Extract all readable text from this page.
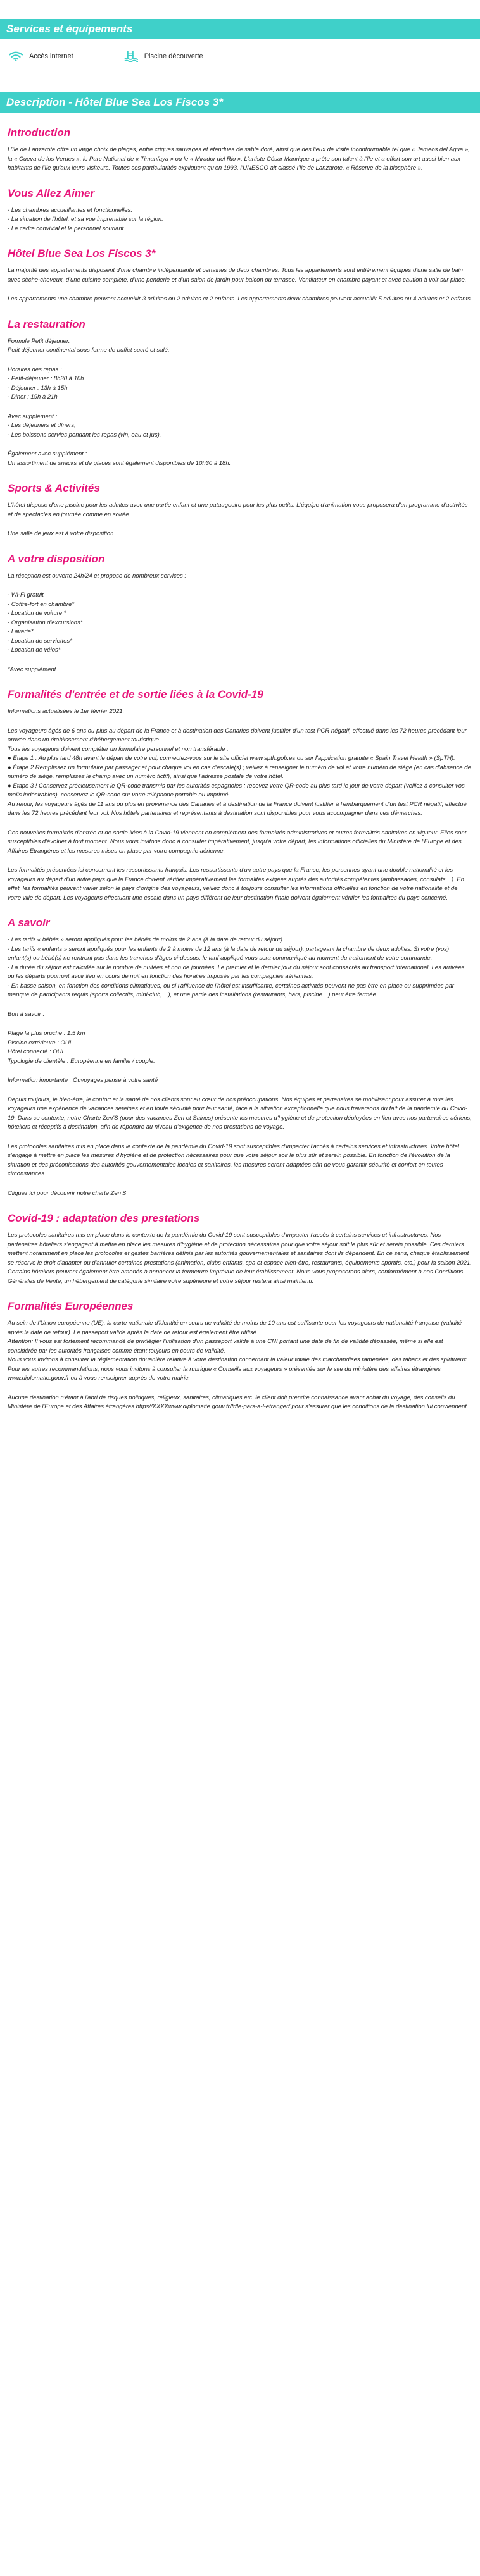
Services et équipements
Accès internet	Piscine découverte
Description - Hôtel Blue Sea Los Fiscos 3*
Introduction

L'île de Lanzarote offre un large choix de plages, entre criques sauvages et étendues de sable doré, ainsi que des lieux de visite incontournable tel que « Jameos del Agua », la « Cueva de los Verdes », le Parc National de « Timanfaya » ou le « Mirador del Rio ». L'artiste César Manrique a prête son talent à l'île et a offert son art aussi bien aux habitants de l'île qu'aux leurs visiteurs. Toutes ces particularités expliquent qu'en 1993, l'UNESCO ait classé l'île de Lanzarote, « Réserve de la biosphère ».

Vous Allez Aimer

- Les chambres accueillantes et fonctionnelles.
- La situation de l'hôtel, et sa vue imprenable sur la région.
- Le cadre convivial et le personnel souriant.

Hôtel Blue Sea Los Fiscos 3*

La majorité des appartements disposent d'une chambre indépendante et certaines de deux chambres. Tous les appartements sont entièrement équipés d'une salle de bain avec sèche-cheveux, d'une cuisine complète, d'une penderie et d'un salon de jardin pour balcon ou terrasse. Ventilateur en chambre payant et avec caution à voir sur place.

Les appartements une chambre peuvent accueillir 3 adultes ou 2 adultes et 2 enfants. Les appartements deux chambres peuvent accueillir 5 adultes ou 4 adultes et 2 enfants.

La restauration

Formule Petit déjeuner.
Petit déjeuner continental sous forme de buffet sucré et salé.

Horaires des repas :
- Petit-déjeuner : 8h30 à 10h
- Déjeuner : 13h à 15h
- Diner : 19h à 21h

Avec supplément :
- Les déjeuners et dîners,
- Les boissons servies pendant les repas (vin, eau et jus).

Également avec supplément :
Un assortiment de snacks et de glaces sont également disponibles de 10h30 à 18h.

Sports & Activités

L'hôtel dispose d'une piscine pour les adultes avec une partie enfant et une pataugeoire pour les plus petits. L'équipe d'animation vous proposera d'un programme d'activités et de spectacles en journée comme en soirée.

Une salle de jeux est à votre disposition.

A votre disposition

La réception est ouverte 24h/24 et propose de nombreux services :

- Wi-Fi gratuit
- Coffre-fort en chambre*
- Location de voiture *
- Organisation d'excursions*
- Laverie*
- Location de serviettes*
- Location de vélos*

*Avec supplément

Formalités d'entrée et de sortie liées à la Covid-19

Informations actualisées le 1er février 2021.

Les voyageurs âgés de 6 ans ou plus au départ de la France et à destination des Canaries doivent justifier d'un test PCR négatif, effectué dans les 72 heures précédant leur arrivée dans un établissement d'hébergement touristique.
Tous les voyageurs doivent compléter un formulaire personnel et non transférable :
● Étape 1 : Au plus tard 48h avant le départ de votre vol, connectez-vous sur le site officiel www.spth.gob.es ou sur l'application gratuite « Spain Travel Health » (SpTH).
● Étape 2 Remplissez un formulaire par passager et pour chaque vol en cas d'escale(s) ; veillez à renseigner le numéro de vol et votre numéro de siège (en cas d'absence de numéro de siège, remplissez le champ avec un numéro fictif), ainsi que l'adresse postale de votre hôtel.
● Étape 3 ! Conservez précieusement le QR-code transmis par les autorités espagnoles ; recevez votre QR-code au plus tard le jour de votre départ (veillez à consulter vos mails indésirables), conservez le QR-code sur votre téléphone portable ou imprimé.
Au retour, les voyageurs âgés de 11 ans ou plus en provenance des Canaries et à destination de la France doivent justifier à l'embarquement d'un test PCR négatif, effectué dans les 72 heures précédant leur vol. Nos hôtels partenaires et représentants à destination sont disponibles pour vous accompagner dans ces démarches.

Ces nouvelles formalités d'entrée et de sortie liées à la Covid-19 viennent en complément des formalités administratives et autres formalités sanitaires en vigueur. Elles sont susceptibles d'évoluer à tout moment. Nous vous invitons donc à consulter impérativement, jusqu'à votre départ, les informations officielles du Ministère de l'Europe et des Affaires Étrangères et les mesures mises en place par votre compagnie aérienne.

Les formalités présentées ici concernent les ressortissants français. Les ressortissants d'un autre pays que la France, les personnes ayant une double nationalité et les voyageurs au départ d'un autre pays que la France doivent vérifier impérativement les formalités exigées auprès des autorités compétentes (ambassades, consulats…). En effet, les formalités peuvent varier selon le pays d'origine des voyageurs, veillez donc à toujours consulter les informations officielles en fonction de votre nationalité et de votre ville de départ. Les voyageurs effectuant une escale dans un pays différent de leur destination finale doivent également vérifier les formalités du pays concerné.

A savoir

- Les tarifs « bébés » seront appliqués pour les bébés de moins de 2 ans (à la date de retour du séjour).
- Les tarifs « enfants » seront appliqués pour les enfants de 2 à moins de 12 ans (à la date de retour du séjour), partageant la chambre de deux adultes. Si votre (vos) enfant(s) ou bébé(s) ne rentrent pas dans les tranches d'âges ci-dessus, le tarif appliqué vous sera communiqué au moment du traitement de votre commande.
- La durée du séjour est calculée sur le nombre de nuitées et non de journées. Le premier et le dernier jour du séjour sont consacrés au transport international. Les arrivées ou les départs pourront avoir lieu en cours de nuit en fonction des horaires imposés par les compagnies aériennes.
- En basse saison, en fonction des conditions climatiques, ou si l'affluence de l'hôtel est insuffisante, certaines activités peuvent ne pas être en place ou supprimées par manque de participants requis (sports collectifs, mini-club,…), et une partie des installations (restaurants, bars, piscine…) peut être fermée.

Bon à savoir :

Plage la plus proche : 1.5 km
Piscine extérieure : OUI
Hôtel connecté : OUI
Typologie de clientèle : Européenne en famille / couple.

Information importante : Ouvoyages pense à votre santé

Depuis toujours, le bien-être, le confort et la santé de nos clients sont au cœur de nos préoccupations. Nos équipes et partenaires se mobilisent pour assurer à tous les voyageurs une expérience de vacances sereines et en toute sécurité pour leur santé, face à la situation exceptionnelle que nous traversons du fait de la pandémie du Covid-19. Dans ce contexte, notre Charte Zen'S (pour des vacances Zen et Saines) présente les mesures d'hygiène et de protection déployées en lien avec nos partenaires aériens, hôteliers et réceptifs à destination, afin de répondre au niveau d'exigence de nos prestations de voyage.

Les protocoles sanitaires mis en place dans le contexte de la pandémie du Covid-19 sont susceptibles d'impacter l'accès à certains services et infrastructures. Votre hôtel s'engage à mettre en place les mesures d'hygiène et de protection nécessaires pour que votre séjour soit le plus sûr et serein possible. En fonction de l'évolution de la situation et des préconisations des autorités gouvernementales locales et sanitaires, les mesures seront adaptées afin de vous garantir sécurité et confort en toutes circonstances.

Cliquez ici pour découvrir notre charte Zen'S

Covid-19 : adaptation des prestations

Les protocoles sanitaires mis en place dans le contexte de la pandémie du Covid-19 sont susceptibles d'impacter l'accès à certains services et infrastructures. Nos partenaires hôteliers s'engagent à mettre en place les mesures d'hygiène et de protection nécessaires pour que votre séjour soit le plus sûr et serein possible. Ces derniers mettent notamment en place les protocoles et gestes barrières définis par les autorités gouvernementales et sanitaires dont ils dépendent. En ce sens, chaque établissement se réserve le droit d'adapter ou d'annuler certaines prestations (animation, clubs enfants, spa et espace bien-être, restaurants, équipements sportifs, etc.) pour la saison 2021.
Certains hôteliers peuvent également être amenés à annoncer la fermeture imprévue de leur établissement. Nous vous proposerons alors, conformément à nos Conditions Générales de Vente, un hébergement de catégorie similaire voire supérieure et votre séjour restera ainsi maintenu.

Formalités Européennes

Au sein de l'Union européenne (UE), la carte nationale d'identité en cours de validité de moins de 10 ans est suffisante pour les voyageurs de nationalité française (validité après la date de retour). Le passeport valide après la date de retour est également être utilisé.
Attention: Il vous est fortement recommandé de privilégier l'utilisation d'un passeport valide à une CNI portant une date de fin de validité dépassée, même si elle est considérée par les autorités françaises comme étant toujours en cours de validité.
Nous vous invitons à consulter la réglementation douanière relative à votre destination concernant la valeur totale des marchandises ramenées, des tabacs et des spiritueux.
Pour les autres recommandations, nous vous invitons à consulter la rubrique « Conseils aux voyageurs » présentée sur le site du ministère des affaires étrangères www.diplomatie.gouv.fr ou à vous renseigner auprès de votre mairie.

Aucune destination n'étant à l'abri de risques politiques, religieux, sanitaires, climatiques etc. le client doit prendre connaissance avant achat du voyage, des conseils du Ministère de l'Europe et des Affaires étrangères https//XXXXwww.diplomatie.gouv.fr/fr/le-pars-a-l-etranger/ pour s'assurer que les conditions de la destination lui conviennent.
